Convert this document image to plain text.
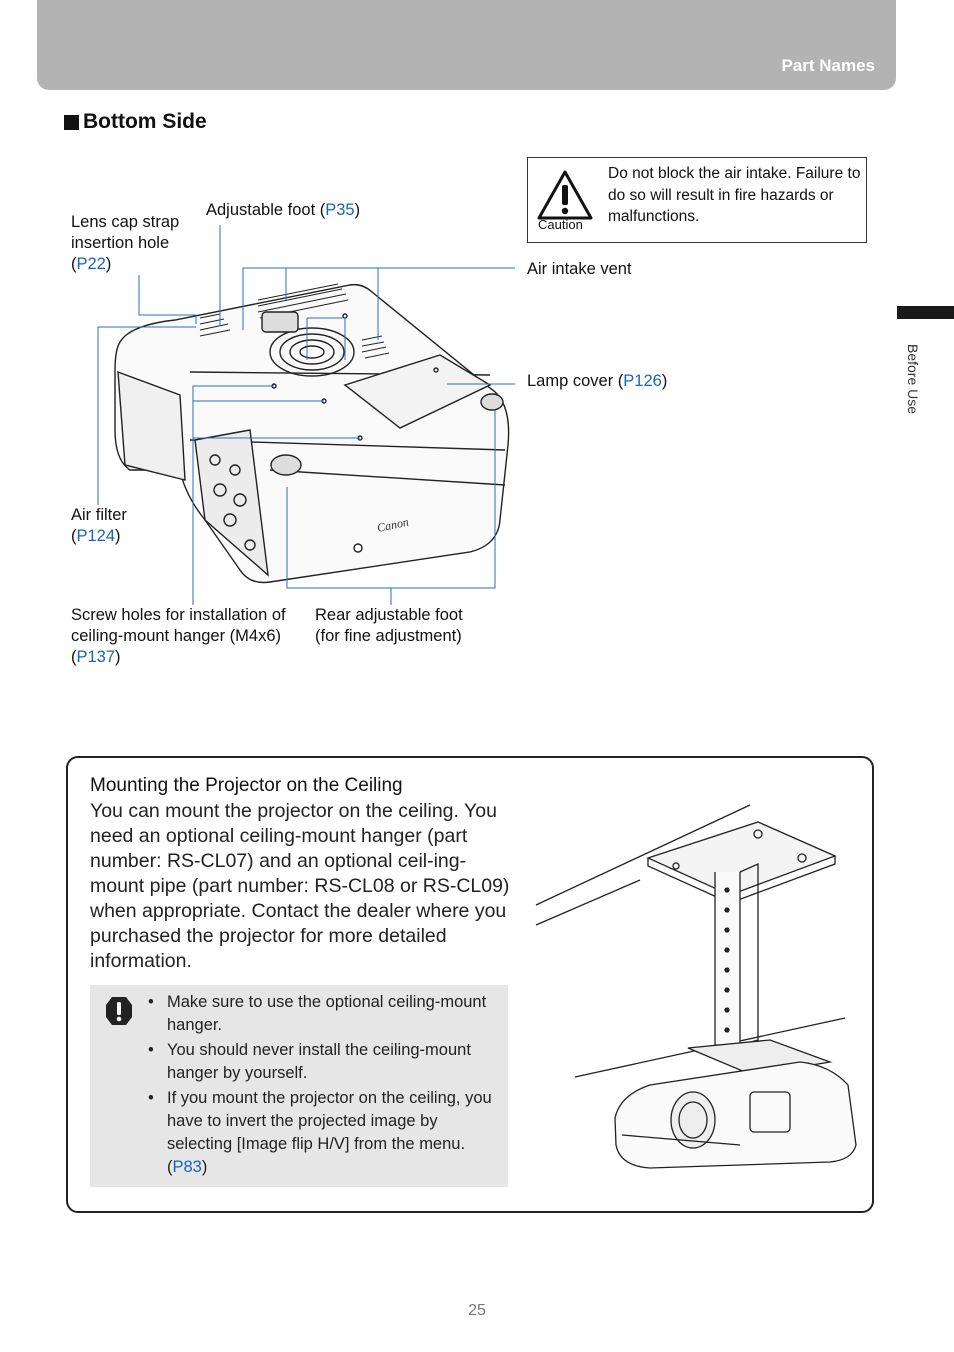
Part Names
Before Use
Bottom Side
Caution
Do not block the air intake. Failure to do so will result in fire hazards or malfunctions.
Canon
Lens cap strap insertion hole
(P22)
Adjustable foot (P35)
Air intake vent
Lamp cover (P126)
Air filter
(P124)
Screw holes for installation of ceiling-mount hanger (M4x6) (P137)
Rear adjustable foot
(for fine adjustment)
Mounting the Projector on the Ceiling
You can mount the projector on the ceiling. You need an optional ceiling-mount hanger (part number: RS-CL07) and an optional ceil-ing-mount pipe (part number: RS-CL08 or RS-CL09) when appropriate. Contact the dealer where you purchased the projector for more detailed information.
• Make sure to use the optional ceiling-mount hanger.
• You should never install the ceiling-mount hanger by yourself.
• If you mount the projector on the ceiling, you have to invert the projected image by selecting [Image flip H/V] from the menu. (P83)
25
